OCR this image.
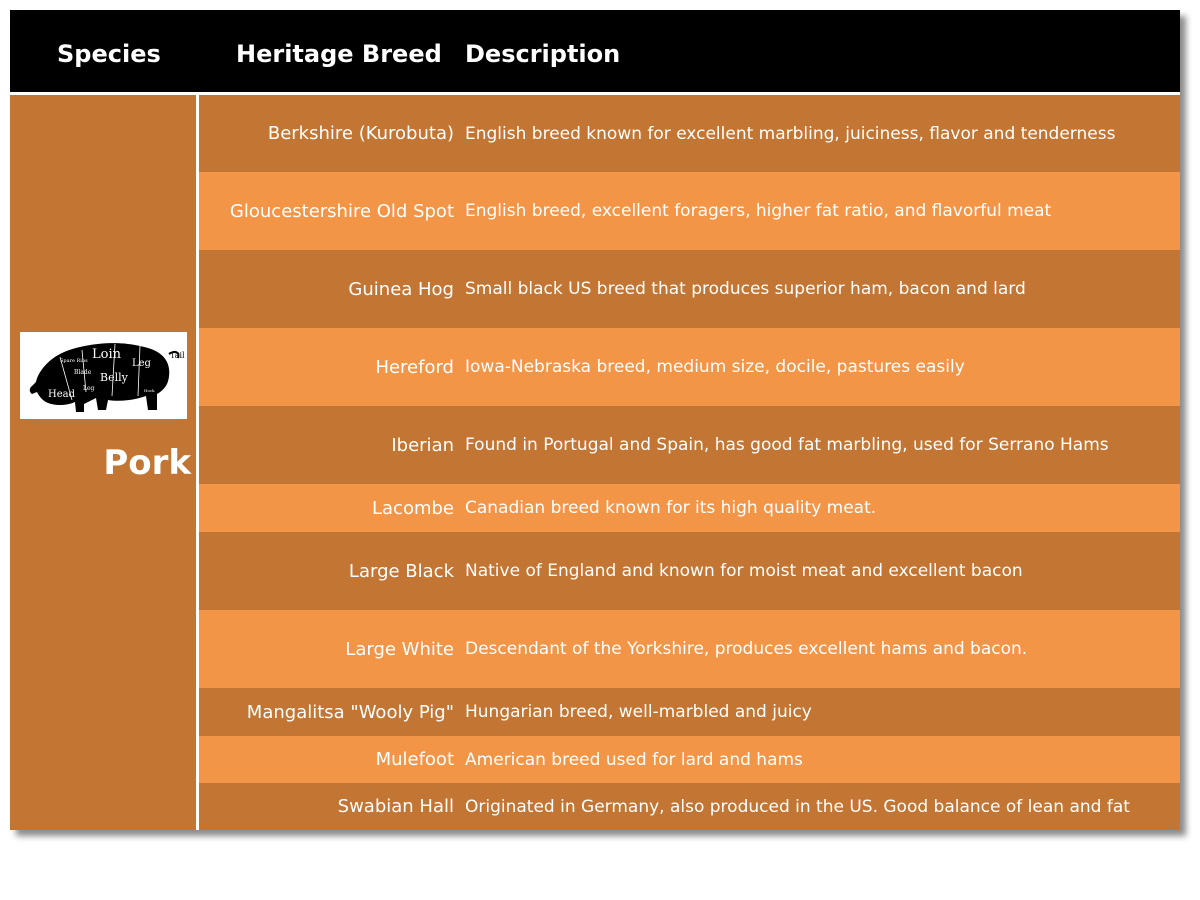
Species	Heritage Breed Description
Head
Spare Ribs
Blade
Loin
Belly
Leg
Leg
Tail
Hock
Pork
Berkshire (Kurobuta) English breed known for excellent marbling, juiciness, flavor and tenderness
Gloucestershire Old Spot English breed, excellent foragers, higher fat ratio, and flavorful meat
Guinea Hog Small black US breed that produces superior ham, bacon and lard
Hereford Iowa-Nebraska breed, medium size, docile, pastures easily
Iberian Found in Portugal and Spain, has good fat marbling, used for Serrano Hams
Lacombe Canadian breed known for its high quality meat.
Large Black Native of England and known for moist meat and excellent bacon
Large White Descendant of the Yorkshire, produces excellent hams and bacon.
Mangalitsa "Wooly Pig" Hungarian breed, well-marbled and juicy
Mulefoot American breed used for lard and hams
Swabian Hall Originated in Germany, also produced in the US. Good balance of lean and fat
